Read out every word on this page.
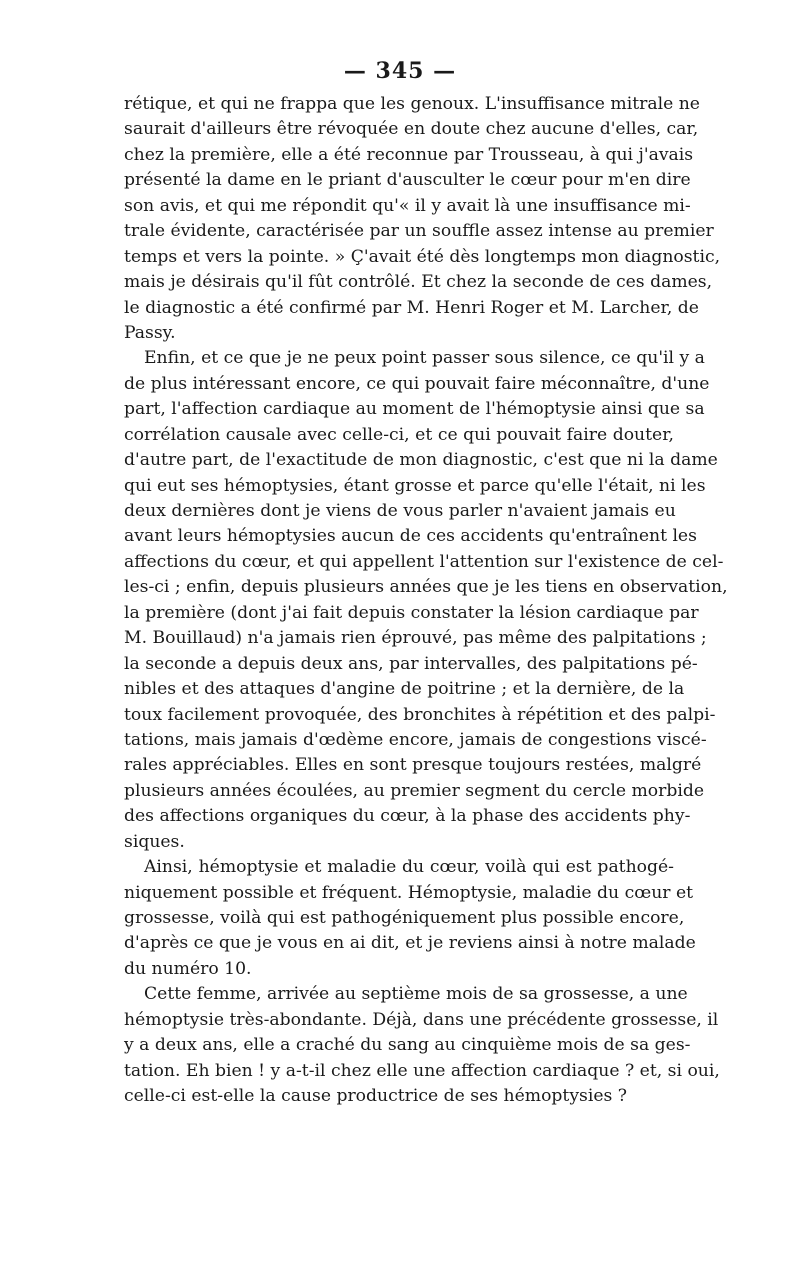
— 345 —
rétique, et qui ne frappa que les genoux. L'insuffisance mitrale ne
saurait d'ailleurs être révoquée en doute chez aucune d'elles, car,
chez la première, elle a été reconnue par Trousseau, à qui j'avais
présenté la dame en le priant d'ausculter le cœur pour m'en dire
son avis, et qui me répondit qu'« il y avait là une insuffisance mi-
trale évidente, caractérisée par un souffle assez intense au premier
temps et vers la pointe. » Ç'avait été dès longtemps mon diagnostic,
mais je désirais qu'il fût contrôlé. Et chez la seconde de ces dames,
le diagnostic a été confirmé par M. Henri Roger et M. Larcher, de
Passy.
Enfin, et ce que je ne peux point passer sous silence, ce qu'il y a
de plus intéressant encore, ce qui pouvait faire méconnaître, d'une
part, l'affection cardiaque au moment de l'hémoptysie ainsi que sa
corrélation causale avec celle-ci, et ce qui pouvait faire douter,
d'autre part, de l'exactitude de mon diagnostic, c'est que ni la dame
qui eut ses hémoptysies, étant grosse et parce qu'elle l'était, ni les
deux dernières dont je viens de vous parler n'avaient jamais eu
avant leurs hémoptysies aucun de ces accidents qu'entraînent les
affections du cœur, et qui appellent l'attention sur l'existence de cel-
les-ci ; enfin, depuis plusieurs années que je les tiens en observation,
la première (dont j'ai fait depuis constater la lésion cardiaque par
M. Bouillaud) n'a jamais rien éprouvé, pas même des palpitations ;
la seconde a depuis deux ans, par intervalles, des palpitations pé-
nibles et des attaques d'angine de poitrine ; et la dernière, de la
toux facilement provoquée, des bronchites à répétition et des palpi-
tations, mais jamais d'œdème encore, jamais de congestions viscé-
rales appréciables. Elles en sont presque toujours restées, malgré
plusieurs années écoulées, au premier segment du cercle morbide
des affections organiques du cœur, à la phase des accidents phy-
siques.
Ainsi, hémoptysie et maladie du cœur, voilà qui est pathogé-
niquement possible et fréquent. Hémoptysie, maladie du cœur et
grossesse, voilà qui est pathogéniquement plus possible encore,
d'après ce que je vous en ai dit, et je reviens ainsi à notre malade
du numéro 10.
Cette femme, arrivée au septième mois de sa grossesse, a une
hémoptysie très-abondante. Déjà, dans une précédente grossesse, il
y a deux ans, elle a craché du sang au cinquième mois de sa ges-
tation. Eh bien ! y a-t-il chez elle une affection cardiaque ? et, si oui,
celle-ci est-elle la cause productrice de ses hémoptysies ?
